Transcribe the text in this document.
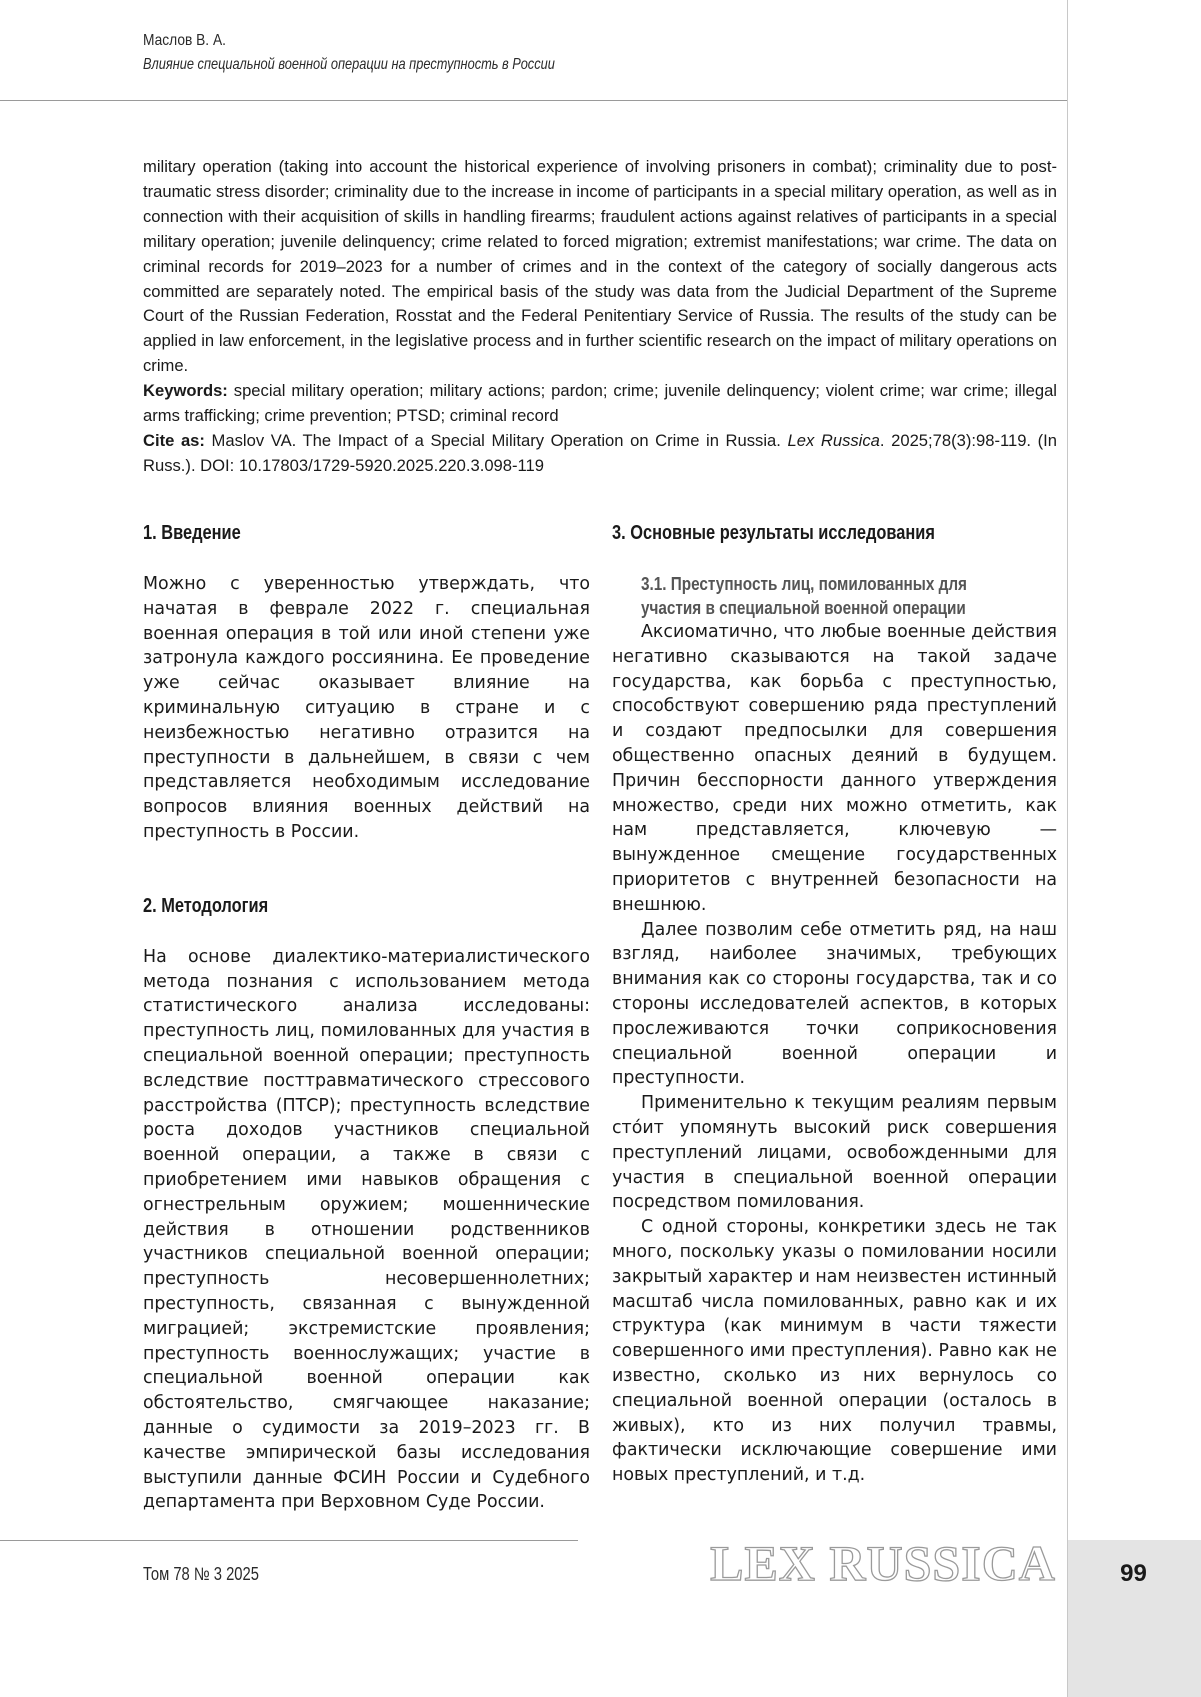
Маслов В. А.
Влияние специальной военной операции на преступность в России

military operation (taking into account the historical experience of involving prisoners in combat); criminality due to post-traumatic stress disorder; criminality due to the increase in income of participants in a special military operation, as well as in connection with their acquisition of skills in handling firearms; fraudulent actions against relatives of participants in a special military operation; juvenile delinquency; crime related to forced migration; extremist manifestations; war crime. The data on criminal records for 2019–2023 for a number of crimes and in the context of the category of socially dangerous acts committed are separately noted. The empirical basis of the study was data from the Judicial Department of the Supreme Court of the Russian Federation, Rosstat and the Federal Penitentiary Service of Russia. The results of the study can be applied in law enforcement, in the legislative process and in further scientific research on the impact of military operations on crime.

Keywords: special military operation; military actions; pardon; crime; juvenile delinquency; violent crime; war crime; illegal arms trafficking; crime prevention; PTSD; criminal record

Cite as: Maslov VA. The Impact of a Special Military Operation on Crime in Russia. Lex Russica. 2025;78(3):98-119. (In Russ.). DOI: 10.17803/1729-5920.2025.220.3.098-119

1. Введение

Можно с уверенностью утверждать, что начатая в феврале 2022 г. специальная военная операция в той или иной степени уже затронула каждого россиянина. Ее проведение уже сейчас оказывает влияние на криминальную ситуацию в стране и с неизбежностью негативно отразится на преступности в дальнейшем, в связи с чем представляется необходимым исследование вопросов влияния военных действий на преступность в России.

2. Методология

На основе диалектико-материалистического метода познания с использованием метода статистического анализа исследованы: преступность лиц, помилованных для участия в специальной военной операции; преступность вследствие посттравматического стрессового расстройства (ПТСР); преступность вследствие роста доходов участников специальной военной операции, а также в связи с приобретением ими навыков обращения с огнестрельным оружием; мошеннические действия в отношении родственников участников специальной военной операции; преступность несовершеннолетних; преступность, связанная с вынужденной миграцией; экстремистские проявления; преступность военнослужащих; участие в специальной военной операции как обстоятельство, смягчающее наказание; данные о судимости за 2019–2023 гг. В качестве эмпирической базы исследования выступили данные ФСИН России и Судебного департамента при Верховном Суде России.

3. Основные результаты исследования
3.1. Преступность лиц, помилованных для участия в специальной военной операции

Аксиоматично, что любые военные действия негативно сказываются на такой задаче государства, как борьба с преступностью, способствуют совершению ряда преступлений и создают предпосылки для совершения общественно опасных деяний в будущем. Причин бесспорности данного утверждения множество, среди них можно отметить, как нам представляется, ключевую — вынужденное смещение государственных приоритетов с внутренней безопасности на внешнюю.

Далее позволим себе отметить ряд, на наш взгляд, наиболее значимых, требующих внимания как со стороны государства, так и со стороны исследователей аспектов, в которых прослеживаются точки соприкосновения специальной военной операции и преступности.

Применительно к текущим реалиям первым сто́ит упомянуть высокий риск совершения преступлений лицами, освобожденными для участия в специальной военной операции посредством помилования.

С одной стороны, конкретики здесь не так много, поскольку указы о помиловании носили закрытый характер и нам неизвестен истинный масштаб числа помилованных, равно как и их структура (как минимум в части тяжести совершенного ими преступления). Равно как не известно, сколько из них вернулось со специальной военной операции (осталось в живых), кто из них получил травмы, фактически исключающие совершение ими новых преступлений, и т.д.

Том 78 № 3 2025	LEX RUSSICA	99
